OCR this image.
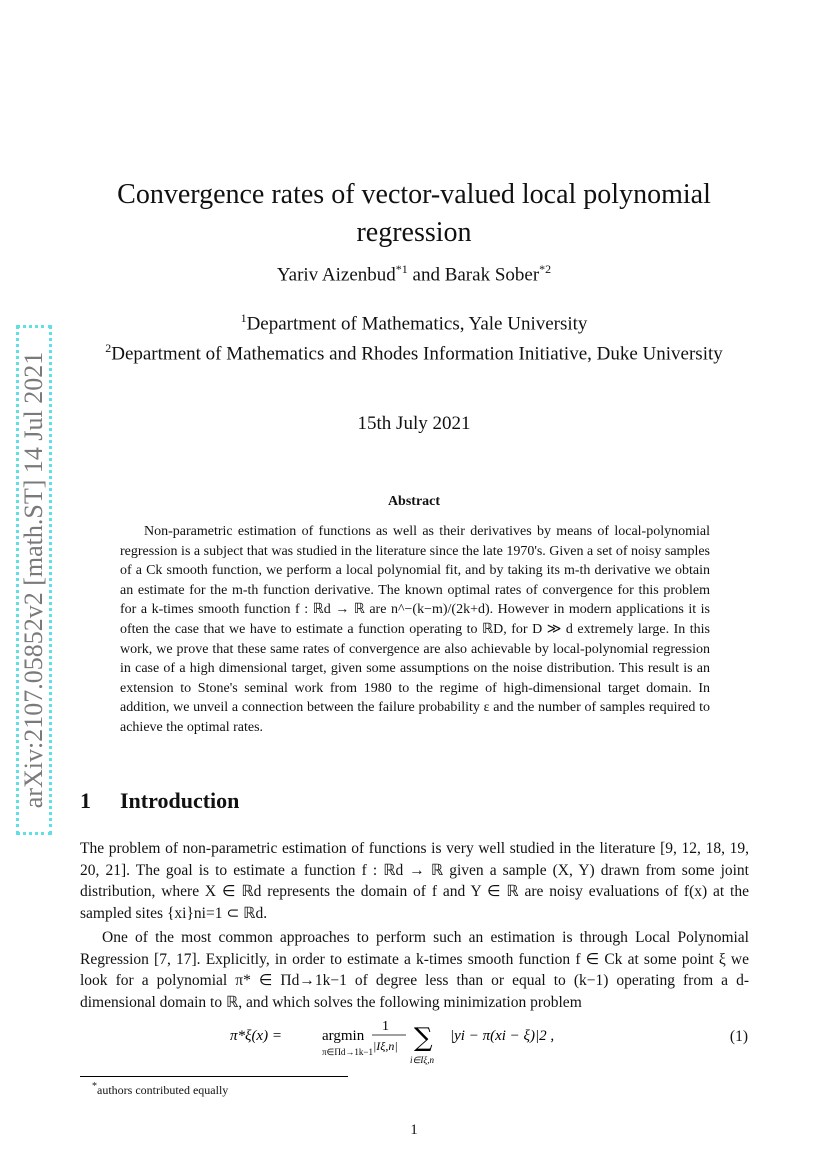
arXiv:2107.05852v2 [math.ST] 14 Jul 2021
Convergence rates of vector-valued local polynomial regression
Yariv Aizenbud$^{*1}$ and Barak Sober$^{*2}$
$^1$Department of Mathematics, Yale University
$^2$Department of Mathematics and Rhodes Information Initiative, Duke University
15th July 2021
Abstract
Non-parametric estimation of functions as well as their derivatives by means of local-polynomial regression is a subject that was studied in the literature since the late 1970's. Given a set of noisy samples of a Ck smooth function, we perform a local polynomial fit, and by taking its m-th derivative we obtain an estimate for the m-th function derivative. The known optimal rates of convergence for this problem for a k-times smooth function f : ℝd → ℝ are n^−(k−m)/(2k+d). However in modern applications it is often the case that we have to estimate a function operating to ℝD, for D ≫ d extremely large. In this work, we prove that these same rates of convergence are also achievable by local-polynomial regression in case of a high dimensional target, given some assumptions on the noise distribution. This result is an extension to Stone's seminal work from 1980 to the regime of high-dimensional target domain. In addition, we unveil a connection between the failure probability ε and the number of samples required to achieve the optimal rates.
1 Introduction
The problem of non-parametric estimation of functions is very well studied in the literature [9, 12, 18, 19, 20, 21]. The goal is to estimate a function f : ℝd → ℝ given a sample (X, Y) drawn from some joint distribution, where X ∈ ℝd represents the domain of f and Y ∈ ℝ are noisy evaluations of f(x) at the sampled sites {xi}ni=1 ⊂ ℝd.
One of the most common approaches to perform such an estimation is through Local Polynomial Regression [7, 17]. Explicitly, in order to estimate a k-times smooth function f ∈ Ck at some point ξ we look for a polynomial π* ∈ Πd→1k−1 of degree less than or equal to (k−1) operating from a d-dimensional domain to ℝ, and which solves the following minimization problem
π*ξ(x) =	argmin
π∈Πd→1k−1
1
|Iξ,n| ∑
i∈Iξ,n
|yi − π(xi − ξ)|2 ,	(1)
*authors contributed equally
1
